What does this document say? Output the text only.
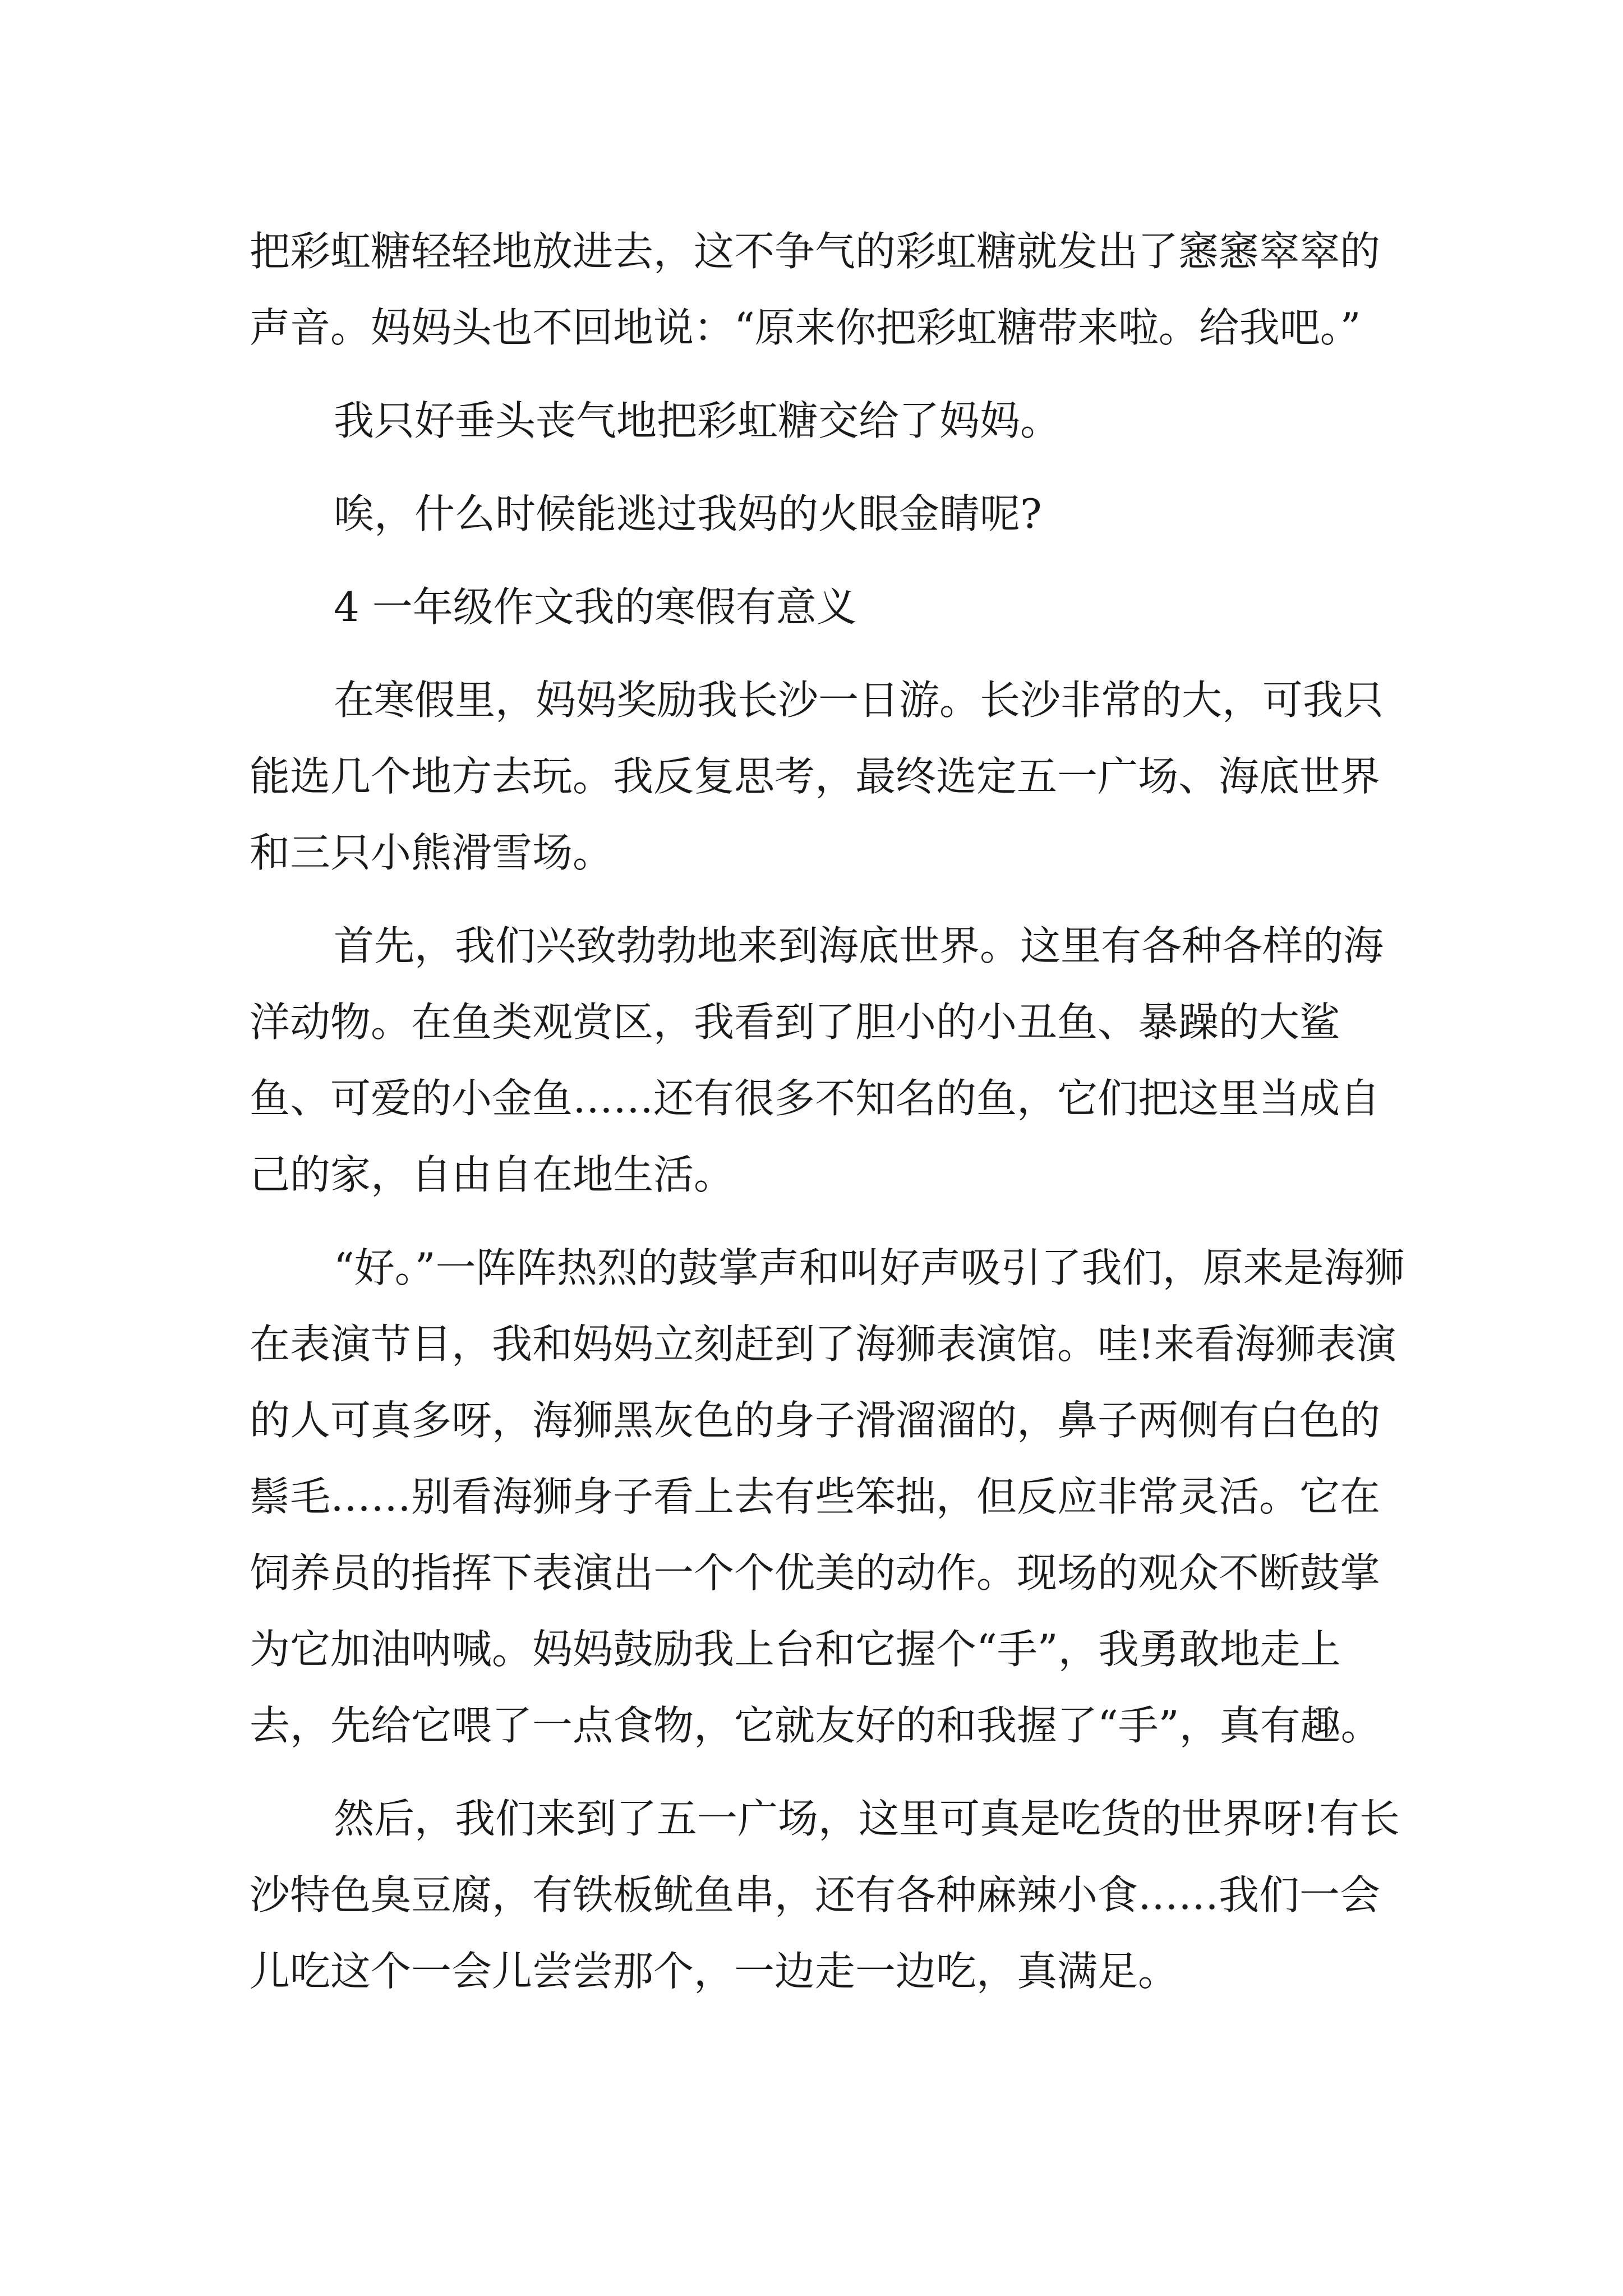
把彩虹糖轻轻地放进去，这不争气的彩虹糖就发出了窸窸窣窣的声音。妈妈头也不回地说：“原来你把彩虹糖带来啦。给我吧。”

我只好垂头丧气地把彩虹糖交给了妈妈。

唉，什么时候能逃过我妈的火眼金睛呢?

4 一年级作文我的寒假有意义

在寒假里，妈妈奖励我长沙一日游。长沙非常的大，可我只能选几个地方去玩。我反复思考，最终选定五一广场、海底世界和三只小熊滑雪场。

首先，我们兴致勃勃地来到海底世界。这里有各种各样的海洋动物。在鱼类观赏区，我看到了胆小的小丑鱼、暴躁的大鲨鱼、可爱的小金鱼……还有很多不知名的鱼，它们把这里当成自己的家，自由自在地生活。

“好。”一阵阵热烈的鼓掌声和叫好声吸引了我们，原来是海狮在表演节目，我和妈妈立刻赶到了海狮表演馆。哇!来看海狮表演的人可真多呀，海狮黑灰色的身子滑溜溜的，鼻子两侧有白色的鬃毛……别看海狮身子看上去有些笨拙，但反应非常灵活。它在饲养员的指挥下表演出一个个优美的动作。现场的观众不断鼓掌为它加油呐喊。妈妈鼓励我上台和它握个“手”，我勇敢地走上去，先给它喂了一点食物，它就友好的和我握了“手”，真有趣。

然后，我们来到了五一广场，这里可真是吃货的世界呀!有长沙特色臭豆腐，有铁板鱿鱼串，还有各种麻辣小食……我们一会儿吃这个一会儿尝尝那个，一边走一边吃，真满足。
